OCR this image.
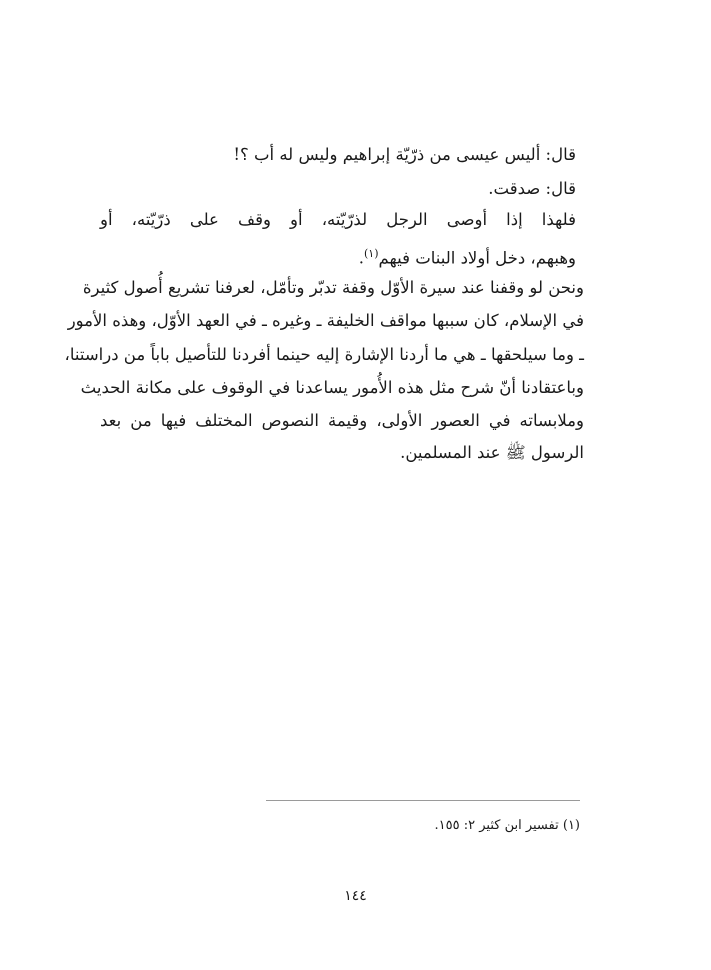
قال: أليس عيسى من ذرّيّة إبراهيم وليس له أب ؟!
قال: صدقت.
فلهذا إذا أوصى الرجل لذرّيّته، أو وقف على ذرّيّته، أو
وهبهم، دخل أولاد البنات فيهم$^{(١)}$.
ونحن لو وقفنا عند سيرة الأوّل وقفة تدبّر وتأمّل، لعرفنا تشريع أُصول كثيرة
في الإسلام، كان سببها مواقف الخليفة ـ وغيره ـ في العهد الأوّل، وهذه الأمور
ـ وما سيلحقها ـ هي ما أردنا الإشارة إليه حينما أفردنا للتأصيل باباً من دراستنا،
وباعتقادنا أنّ شرح مثل هذه الأُمور يساعدنا في الوقوف على مكانة الحديث
وملابساته في العصور الأولى، وقيمة النصوص المختلف فيها من بعد
الرسول ﷺ عند المسلمين.
(١) تفسير ابن كثير ٢: ١٥٥.
١٤٤
